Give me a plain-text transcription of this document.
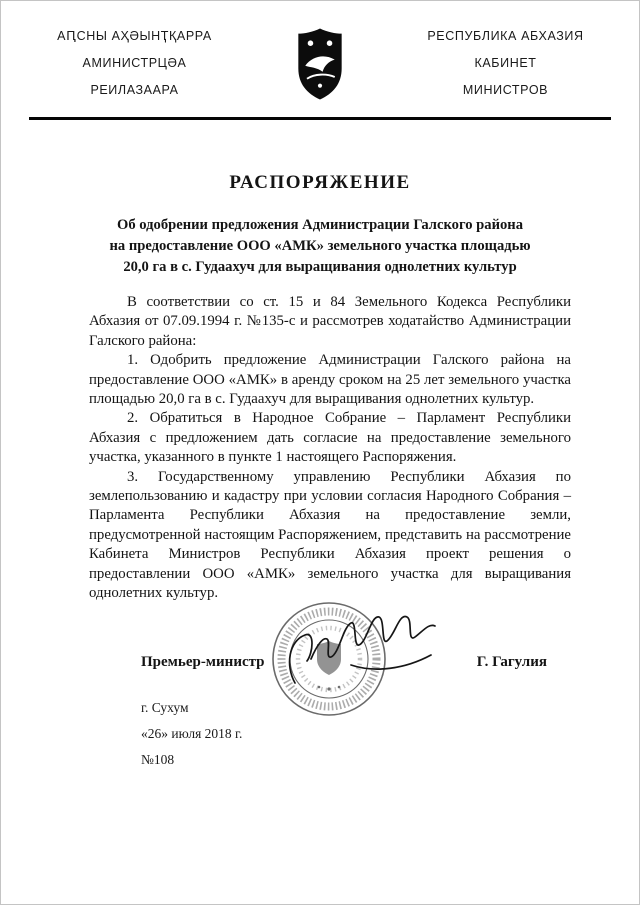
АԤСНЫ АҲӘЫНҬҚАРРА
АМИНИСТРЦӘА
РЕИЛАЗААРА
РЕСПУБЛИКА АБХАЗИЯ
КАБИНЕТ
МИНИСТРОВ
РАСПОРЯЖЕНИЕ
Об одобрении предложения Администрации Галского района
на предоставление ООО «АМК» земельного участка площадью
20,0 га в с. Гудаахуч для выращивания однолетних культур

В соответствии со ст. 15 и 84 Земельного Кодекса Республики Абхазия от 07.09.1994 г. №135-с и рассмотрев ходатайство Администрации Галского района:

1. Одобрить предложение Администрации Галского района на предоставление ООО «АМК» в аренду сроком на 25 лет земельного участка площадью 20,0 га в с. Гудаахуч для выращивания однолетних культур.

2. Обратиться в Народное Собрание – Парламент Республики Абхазия с предложением дать согласие на предоставление земельного участка, указанного в пункте 1 настоящего Распоряжения.

3. Государственному управлению Республики Абхазия по землепользованию и кадастру при условии согласия Народного Собрания – Парламента Республики Абхазия на предоставление земли, предусмотренной настоящим Распоряжением, представить на рассмотрение Кабинета Министров Республики Абхазия проект решения о предоставлении ООО «АМК» земельного участка для выращивания однолетних культур.

Премьер-министр	Г. Гагулия
г. Сухум
«26» июля 2018 г.
№108
